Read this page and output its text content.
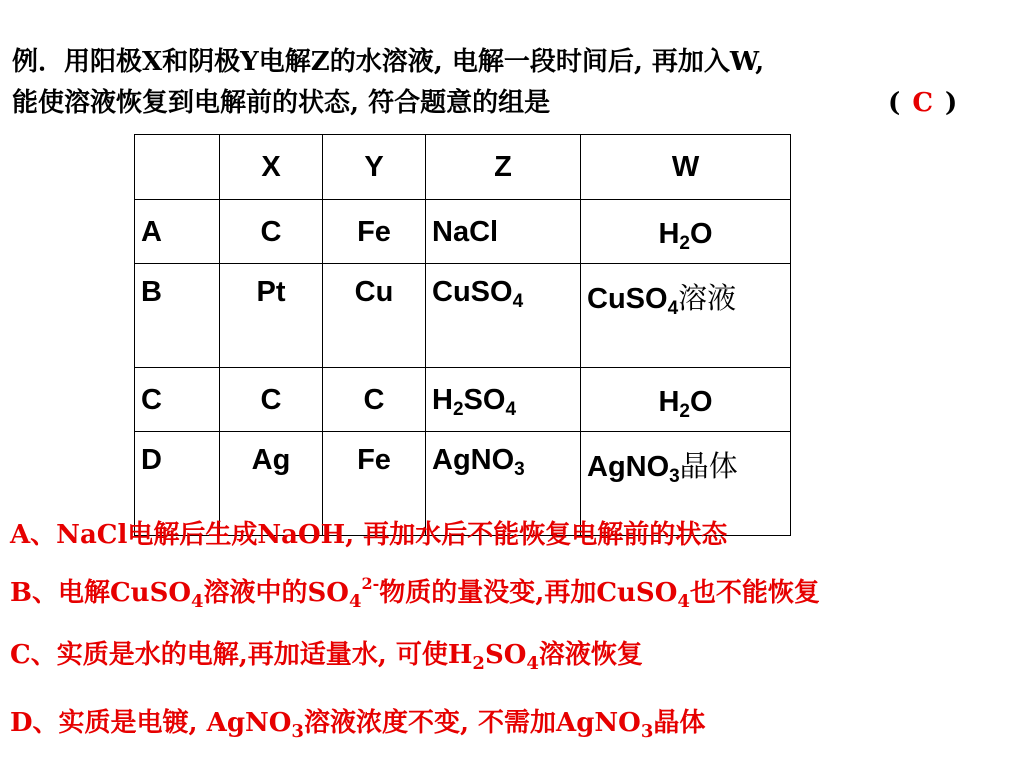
例．用阳极X和阴极Y电解Z的水溶液, 电解一段时间后, 再加入W,
能使溶液恢复到电解前的状态, 符合题意的组是	( C )
	X	Y	Z	W
A	C	Fe	NaCl	$H_2O$
B	Pt	Cu	CuSO$_4$	CuSO$_4$溶液
C	C	C	$H_2SO_4$	$H_2O$
D	Ag	Fe	AgNO$_3$	AgNO$_3$晶体
A、NaCl电解后生成NaOH, 再加水后不能恢复电解前的状态
B、电解CuSO$_4$溶液中的$SO_4^{2-}$物质的量没变,再加CuSO$_4$也不能恢复
C、实质是水的电解,再加适量水, 可使$H_2SO_4$溶液恢复
D、实质是电镀, AgNO$_3$溶液浓度不变, 不需加AgNO$_3$晶体
